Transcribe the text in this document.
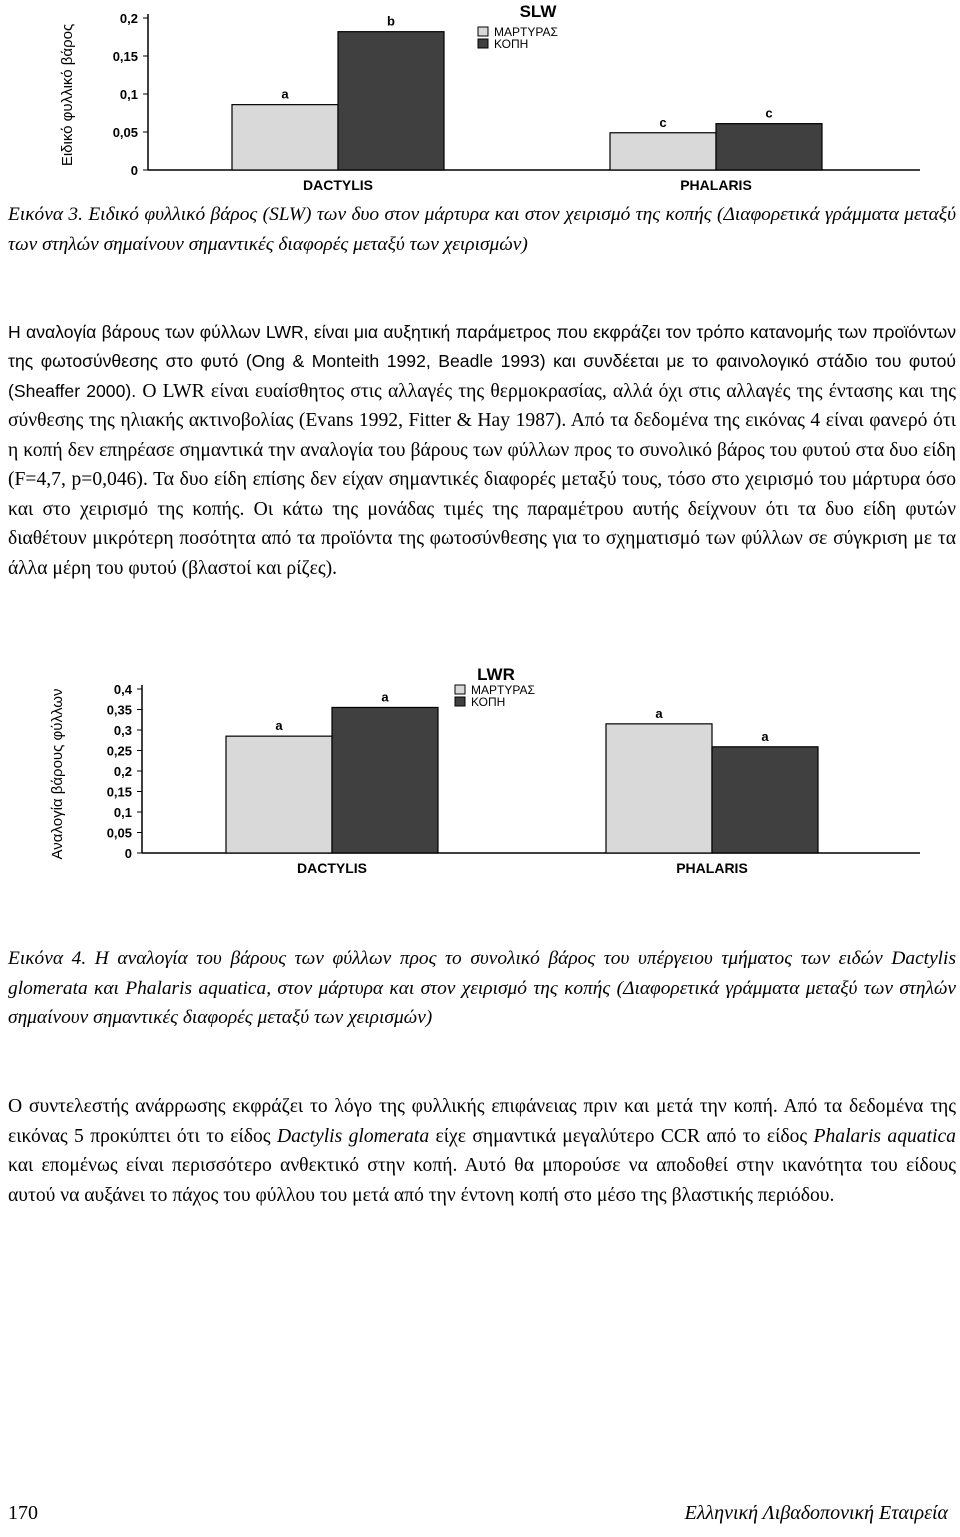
0
0,05
0,1
0,15
0,2
Ειδικό φυλλικό βάρος
SLW
ΜΑΡΤΥΡΑΣ
ΚΟΠΗ
a
b
DACTYLIS
c
c
PHALARIS

Εικόνα 3. Ειδικό φυλλικό βάρος (SLW) των δυο στον μάρτυρα και στον χειρισμό της κοπής (Διαφορετικά γράμματα μεταξύ των στηλών σημαίνουν σημαντικές διαφορές μεταξύ των χειρισμών)

Η αναλογία βάρους των φύλλων LWR, είναι μια αυξητική παράμετρος που εκφράζει τον τρόπο κατανομής των προϊόντων της φωτοσύνθεσης στο φυτό (Ong & Monteith 1992, Beadle 1993) και συνδέεται με το φαινολογικό στάδιο του φυτού (Sheaffer 2000). Ο LWR είναι ευαίσθητος στις αλλαγές της θερμοκρασίας, αλλά όχι στις αλλαγές της έντασης και της σύνθεσης της ηλιακής ακτινοβολίας (Evans 1992, Fitter & Hay 1987). Από τα δεδομένα της εικόνας 4 είναι φανερό ότι η κοπή δεν επηρέασε σημαντικά την αναλογία του βάρους των φύλλων προς το συνολικό βάρος του φυτού στα δυο είδη (F=4,7, p=0,046). Τα δυο είδη επίσης δεν είχαν σημαντικές διαφορές μεταξύ τους, τόσο στο χειρισμό του μάρτυρα όσο και στο χειρισμό της κοπής. Οι κάτω της μονάδας τιμές της παραμέτρου αυτής δείχνουν ότι τα δυο είδη φυτών διαθέτουν μικρότερη ποσότητα από τα προϊόντα της φωτοσύνθεσης για το σχηματισμό των φύλλων σε σύγκριση με τα άλλα μέρη του φυτού (βλαστοί και ρίζες).

0
0,05
0,1
0,15
0,2
0,25
0,3
0,35
0,4
Αναλογία βάρους φύλλων
LWR
ΜΑΡΤΥΡΑΣ
ΚΟΠΗ
a
a
DACTYLIS
a
a
PHALARIS

Εικόνα 4. Η αναλογία του βάρους των φύλλων προς το συνολικό βάρος του υπέργειου τμήματος των ειδών Dactylis glomerata και Phalaris aquatica, στον μάρτυρα και στον χειρισμό της κοπής (Διαφορετικά γράμματα μεταξύ των στηλών σημαίνουν σημαντικές διαφορές μεταξύ των χειρισμών)

Ο συντελεστής ανάρρωσης εκφράζει το λόγο της φυλλικής επιφάνειας πριν και μετά την κοπή. Από τα δεδομένα της εικόνας 5 προκύπτει ότι το είδος Dactylis glomerata είχε σημαντικά μεγαλύτερο CCR από το είδος Phalaris aquatica και επομένως είναι περισσότερο ανθεκτικό στην κοπή. Αυτό θα μπορούσε να αποδοθεί στην ικανότητα του είδους αυτού να αυξάνει το πάχος του φύλλου του μετά από την έντονη κοπή στο μέσο της βλαστικής περιόδου.

170	Ελληνική Λιβαδοπονική Εταιρεία
